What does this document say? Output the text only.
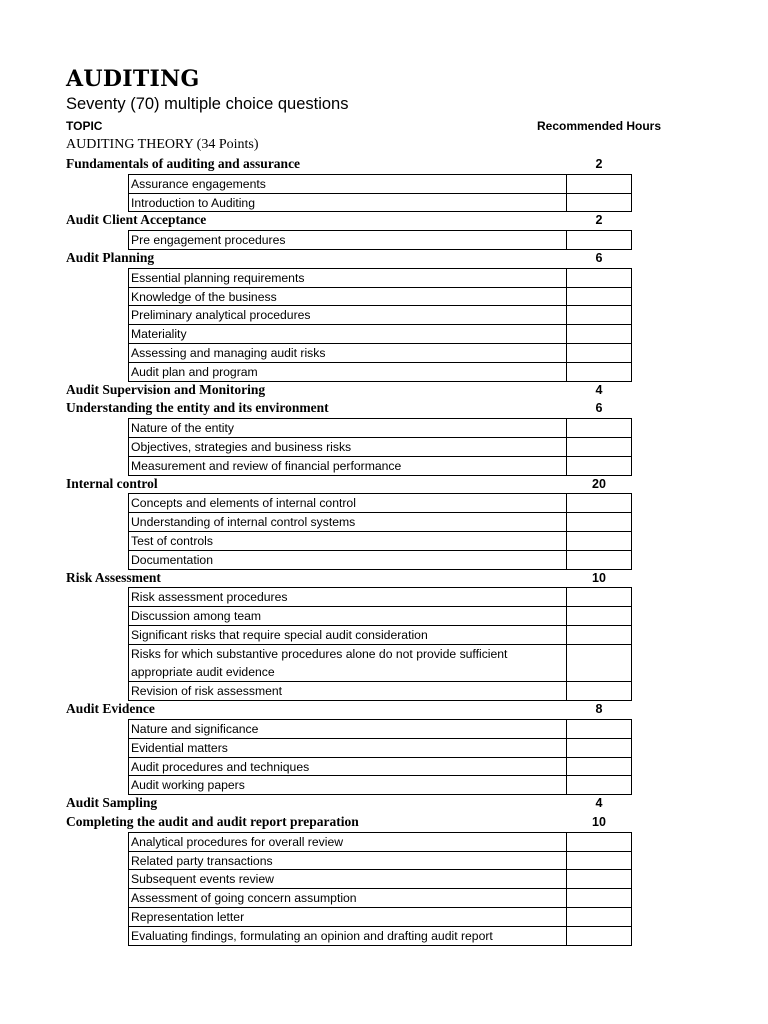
AUDITING
Seventy (70) multiple choice questions
TOPIC	Recommended Hours
AUDITING THEORY (34 Points)
Fundamentals of auditing and assurance	2
Assurance engagements
Introduction to Auditing
Audit Client Acceptance	2
Pre engagement procedures
Audit Planning	6
Essential planning requirements
Knowledge of the business
Preliminary analytical procedures
Materiality
Assessing and managing audit risks
Audit plan and program
Audit Supervision and Monitoring	4
Understanding the entity and its environment	6
Nature of the entity
Objectives, strategies and business risks
Measurement and review of financial performance
Internal control	20
Concepts and elements of internal control
Understanding of internal control systems
Test of controls
Documentation
Risk Assessment	10
Risk assessment procedures
Discussion among team
Significant risks that require special audit consideration
Risks for which substantive procedures alone do not provide sufficient appropriate audit evidence
Revision of risk assessment
Audit Evidence	8
Nature and significance
Evidential matters
Audit procedures and techniques
Audit working papers
Audit Sampling	4
Completing the audit and audit report preparation	10
Analytical procedures for overall review
Related party transactions
Subsequent events review
Assessment of going concern assumption
Representation letter
Evaluating findings, formulating an opinion and drafting audit report
